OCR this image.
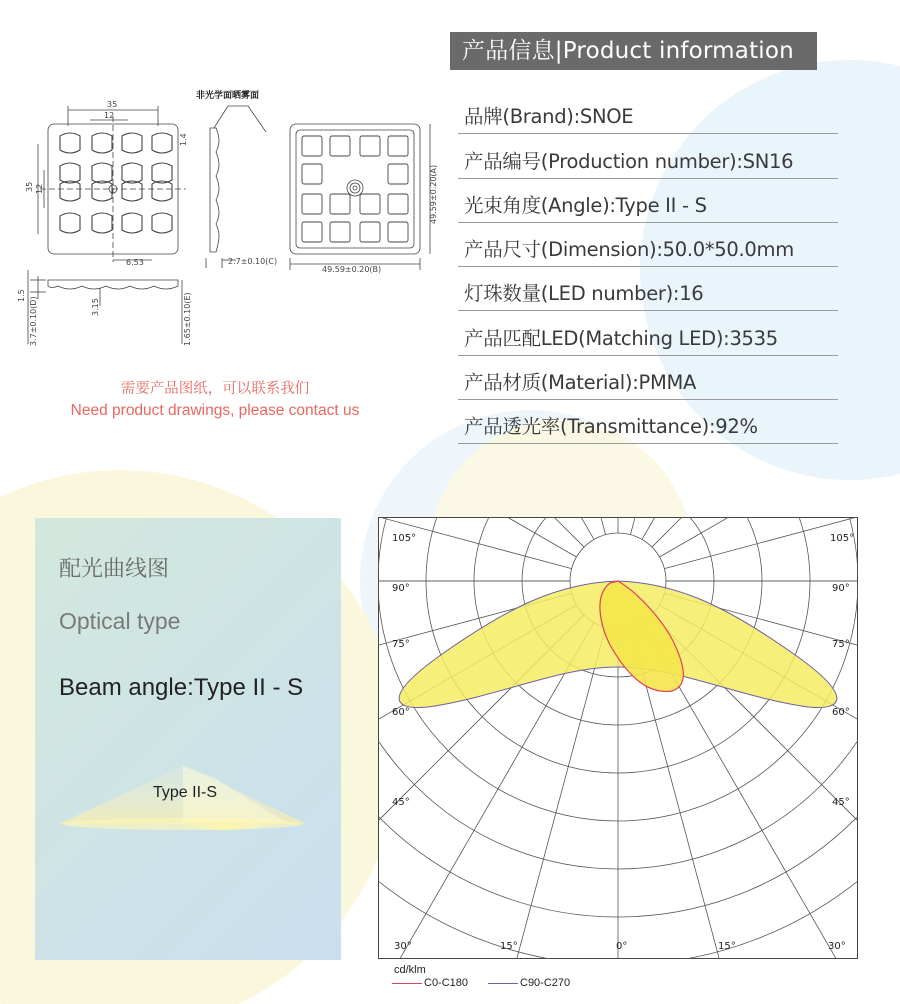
产品信息|Product information
品牌(Brand):SNOE
产品编号(Production number):SN16
光束角度(Angle):Type II - S
产品尺寸(Dimension):50.0*50.0mm
灯珠数量(LED number):16
产品匹配LED(Matching LED):3535
产品材质(Material):PMMA
产品透光率(Transmittance):92%
非光学面晒雾面
35
12
35 12
6.53	2.7±0.10(C)
49.59±0.20(B)
49.59±0.20(A)
1.4
1.5
3.7±0.10(D)	3.15	1.65±0.10(E)
需要产品图纸，可以联系我们
Need product drawings, please contact us
配光曲线图
Optical type
Beam angle:Type II - S
Type II-S
105°
90°
75°
60°
45°
30°
105°
90°
75°
60°
45°
30°
15°	0°	15°
cd/klm
C0-C180	C90-C270
